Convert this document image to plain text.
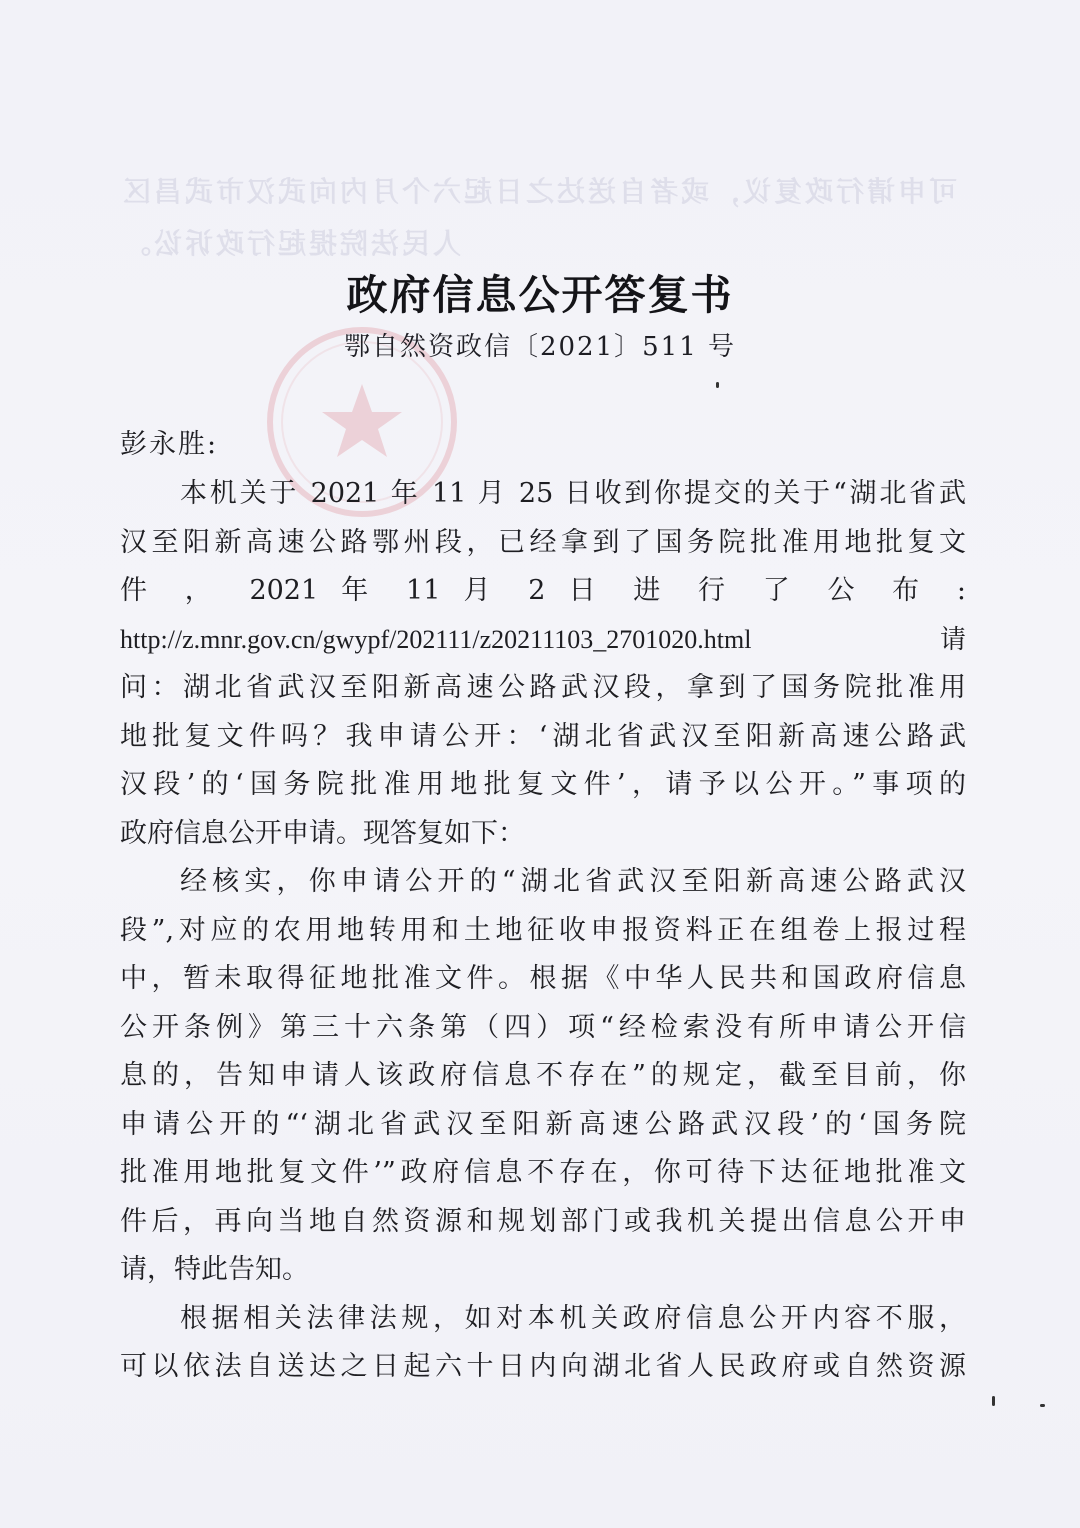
可申请行政复议，或者自送达之日起六个月内向武汉市武昌区
人民法院提起行政诉讼。
政府信息公开答复书
鄂自然资政信〔2021〕511 号
彭永胜:
本机关于 2021 年 11 月 25 日收到你提交的关于“湖北省武
汉至阳新高速公路鄂州段，已经拿到了国务院批准用地批复文
件 ， 2021 年 11 月 2 日 进 行 了 公 布 :
http://z.mnr.gov.cn/gwypf/202111/z20211103_2701020.html　　请
问：湖北省武汉至阳新高速公路武汉段，拿到了国务院批准用
地批复文件吗？我申请公开：‘湖北省武汉至阳新高速公路武
汉段’的‘国务院批准用地批复文件’，请予以公开。”事项的
政府信息公开申请。现答复如下：
经核实，你申请公开的“湖北省武汉至阳新高速公路武汉
段”,对应的农用地转用和土地征收申报资料正在组卷上报过程
中，暂未取得征地批准文件。根据《中华人民共和国政府信息
公开条例》第三十六条第（四）项“经检索没有所申请公开信
息的，告知申请人该政府信息不存在”的规定，截至目前，你
申请公开的“‘湖北省武汉至阳新高速公路武汉段’的‘国务院
批准用地批复文件’”政府信息不存在，你可待下达征地批准文
件后，再向当地自然资源和规划部门或我机关提出信息公开申
请，特此告知。
根据相关法律法规，如对本机关政府信息公开内容不服，
可以依法自送达之日起六十日内向湖北省人民政府或自然资源
